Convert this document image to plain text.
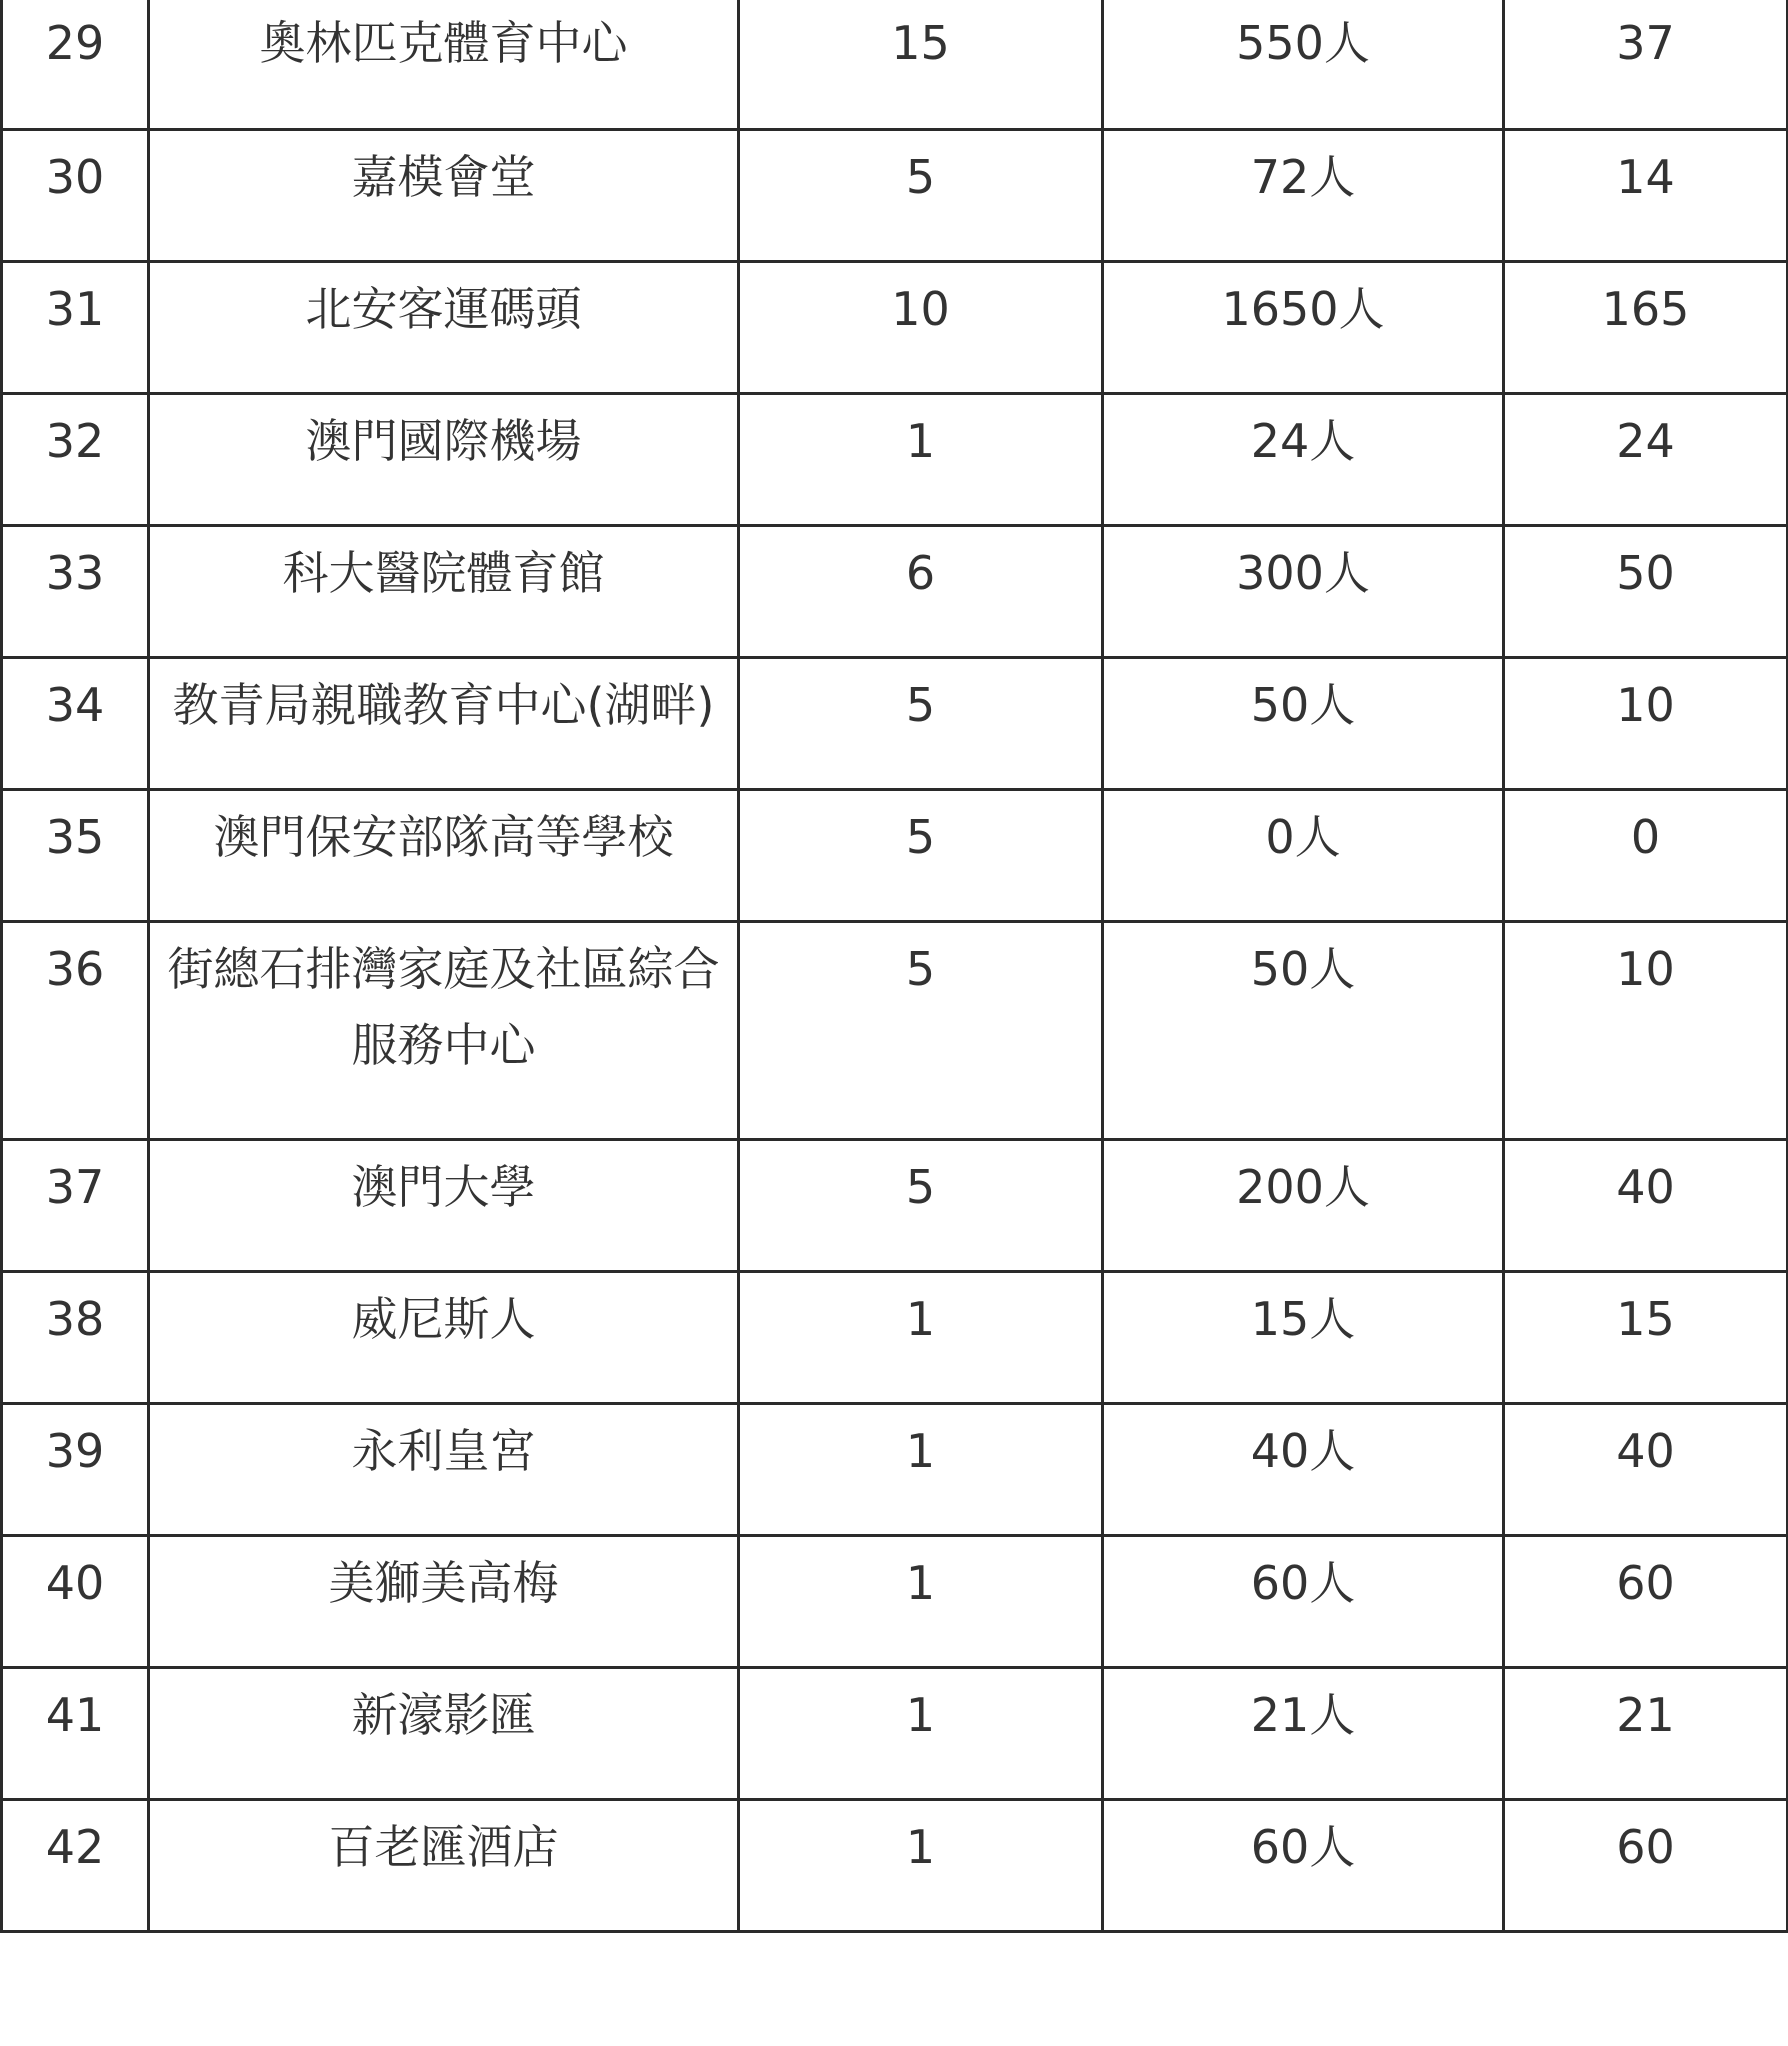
29	奧林匹克體育中心	15	550人	37
30	嘉模會堂	5	72人	14
31	北安客運碼頭	10	1650人	165
32	澳門國際機場	1	24人	24
33	科大醫院體育館	6	300人	50
34	教青局親職教育中心(湖畔)	5	50人	10
35	澳門保安部隊高等學校	5	0人	0
36	街總石排灣家庭及社區綜合服務中心	5	50人	10
37	澳門大學	5	200人	40
38	威尼斯人	1	15人	15
39	永利皇宮	1	40人	40
40	美獅美高梅	1	60人	60
41	新濠影匯	1	21人	21
42	百老匯酒店	1	60人	60
